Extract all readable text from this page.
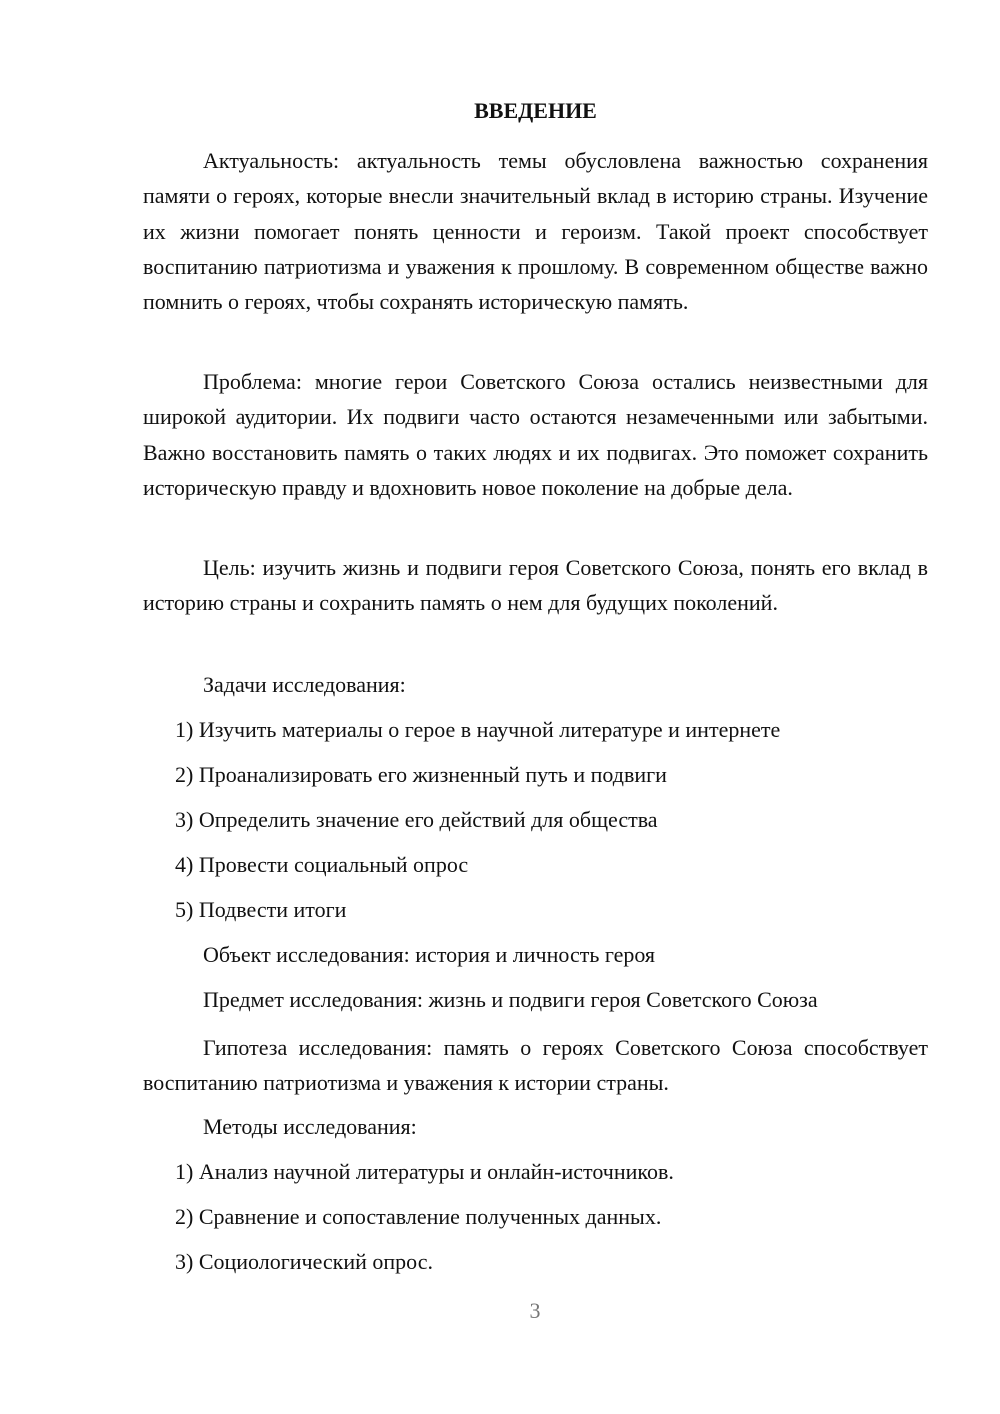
ВВЕДЕНИЕ

Актуальность: актуальность темы обусловлена важностью сохранения памяти о героях, которые внесли значительный вклад в историю страны. Изучение их жизни помогает понять ценности и героизм. Такой проект способствует воспитанию патриотизма и уважения к прошлому. В современном обществе важно помнить о героях, чтобы сохранять историческую память.

Проблема: многие герои Советского Союза остались неизвестными для широкой аудитории. Их подвиги часто остаются незамеченными или забытыми. Важно восстановить память о таких людях и их подвигах. Это поможет сохранить историческую правду и вдохновить новое поколение на добрые дела.

Цель: изучить жизнь и подвиги героя Советского Союза, понять его вклад в историю страны и сохранить память о нем для будущих поколений.

Задачи исследования:

1) Изучить материалы о герое в научной литературе и интернете

2) Проанализировать его жизненный путь и подвиги

3) Определить значение его действий для общества

4) Провести социальный опрос

5) Подвести итоги

Объект исследования: история и личность героя

Предмет исследования: жизнь и подвиги героя Советского Союза

Гипотеза исследования: память о героях Советского Союза способствует воспитанию патриотизма и уважения к истории страны.

Методы исследования:

1) Анализ научной литературы и онлайн-источников.

2) Сравнение и сопоставление полученных данных.

3) Социологический опрос.

3
